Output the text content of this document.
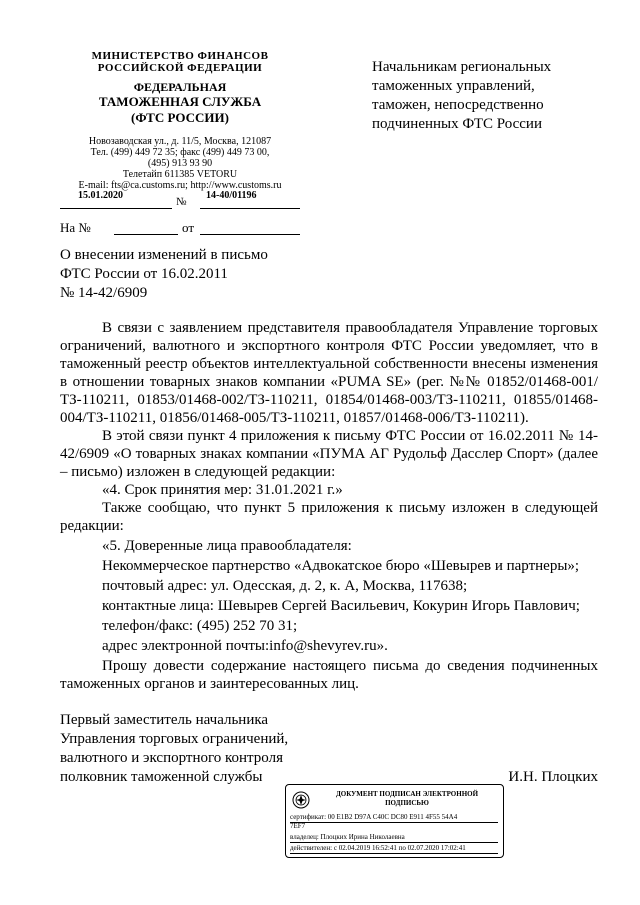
МИНИСТЕРСТВО ФИНАНСОВ
РОССИЙСКОЙ ФЕДЕРАЦИИ
ФЕДЕРАЛЬНАЯ
ТАМОЖЕННАЯ СЛУЖБА
(ФТС РОССИИ)
Новозаводская ул., д. 11/5, Москва, 121087
Тел. (499) 449 72 35; факс (499) 449 73 00,
(495) 913 93 90
Телетайп 611385 VETORU
E-mail: fts@ca.customs.ru; http://www.customs.ru
15.01.2020
№
14-40/01196
На №	от
Начальникам региональных
таможенных управлений,
таможен, непосредственно
подчиненных ФТС России
О внесении изменений в письмо
ФТС России от 16.02.2011
№ 14-42/6909

В связи с заявлением представителя правообладателя Управление торговых ограничений, валютного и экспортного контроля ФТС России уведомляет, что в таможенный реестр объектов интеллектуальной собственности внесены изменения в отношении товарных знаков компании «PUMA SE» (рег. №№ 01852/01468-001/ТЗ-110211, 01853/01468-002/ТЗ-110211, 01854/01468-003/ТЗ-110211, 01855/01468-004/ТЗ-110211, 01856/01468-005/ТЗ-110211, 01857/01468-006/ТЗ-110211).

В этой связи пункт 4 приложения к письму ФТС России от 16.02.2011 № 14-42/6909 «О товарных знаках компании «ПУМА АГ Рудольф Дасслер Спорт» (далее – письмо) изложен в следующей редакции:

«4. Срок принятия мер: 31.01.2021 г.»

Также сообщаю, что пункт 5 приложения к письму изложен в следующей редакции:

«5. Доверенные лица правообладателя:

Некоммерческое партнерство «Адвокатское бюро «Шевырев и партнеры»;

почтовый адрес: ул. Одесская, д. 2, к. А, Москва, 117638;

контактные лица: Шевырев Сергей Васильевич, Кокурин Игорь Павлович;

телефон/факс: (495) 252 70 31;

адрес электронной почты:info@shevyrev.ru».

Прошу довести содержание настоящего письма до сведения подчиненных таможенных органов и заинтересованных лиц.

Первый заместитель начальника
Управления торговых ограничений,
валютного и экспортного контроля
полковник таможенной службы	И.Н. Плоцких
ДОКУМЕНТ ПОДПИСАН ЭЛЕКТРОННОЙ
ПОДПИСЬЮ
сертификат: 00 E1B2 D97A C40C DC80 E911 4F55 54A4
7EF7
владелец: Плоцких Ирина Николаевна
действителен: с 02.04.2019 16:52:41 по 02.07.2020 17:02:41
